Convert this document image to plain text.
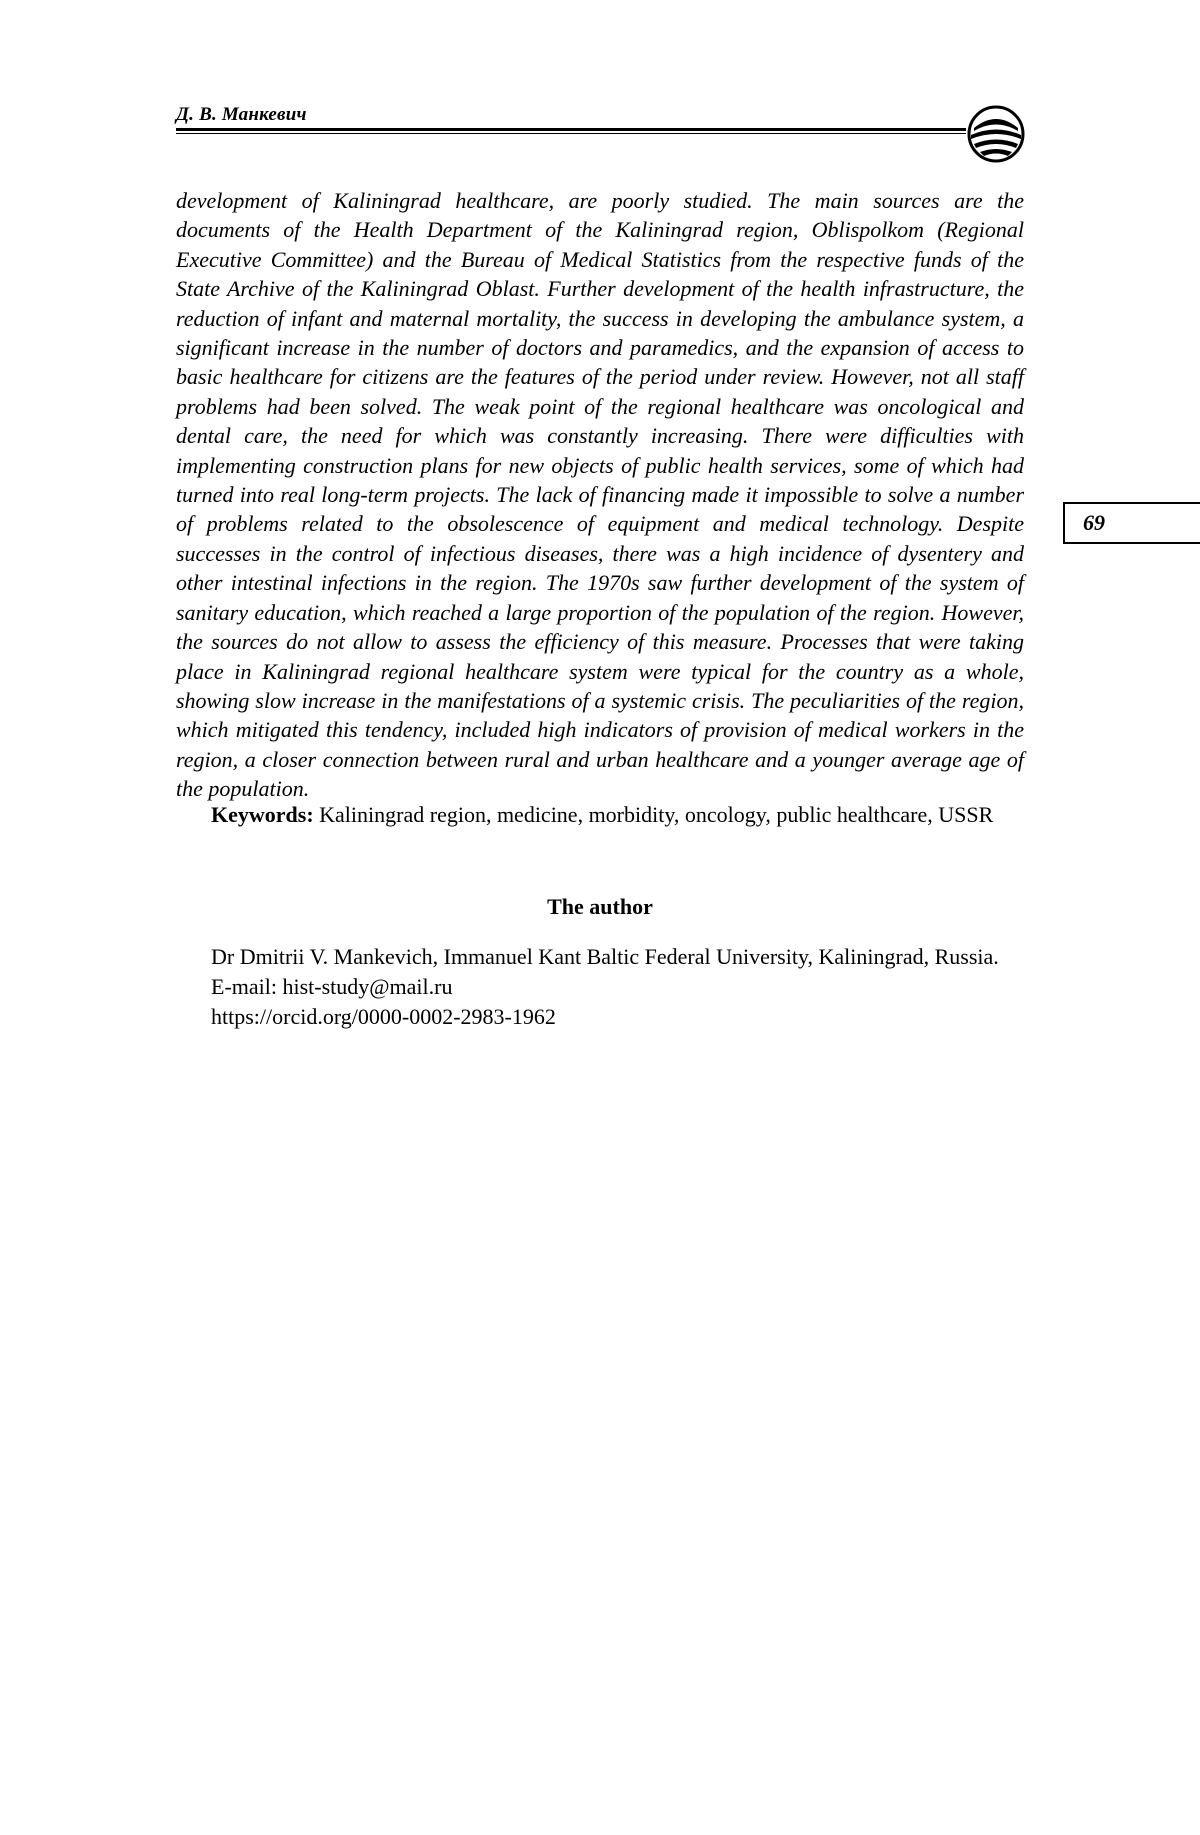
Д. В. Манкевич

development of Kaliningrad healthcare, are poorly studied. The main sources are the documents of the Health Department of the Kaliningrad region, Oblispolkom (Regional Executive Committee) and the Bureau of Medical Statistics from the respective funds of the State Archive of the Kaliningrad Oblast. Further development of the health infrastructure, the reduction of infant and maternal mortality, the success in developing the ambulance system, a significant increase in the number of doctors and paramedics, and the expansion of access to basic healthcare for citizens are the features of the period under review. However, not all staff problems had been solved. The weak point of the regional healthcare was oncological and dental care, the need for which was constantly increasing. There were difficulties with implementing construction plans for new objects of public health services, some of which had turned into real long-term projects. The lack of financing made it impossible to solve a number of problems related to the obsolescence of equipment and medical technology. Despite successes in the control of infectious diseases, there was a high incidence of dysentery and other intestinal infections in the region. The 1970s saw further development of the system of sanitary education, which reached a large proportion of the population of the region. However, the sources do not allow to assess the efficiency of this measure. Processes that were taking place in Kaliningrad regional healthcare system were typical for the country as a whole, showing slow increase in the manifestations of a systemic crisis. The peculiarities of the region, which mitigated this tendency, included high indicators of provision of medical workers in the region, a closer connection between rural and urban healthcare and a younger average age of the population.

69

Keywords: Kaliningrad region, medicine, morbidity, oncology, public healthcare, USSR

The author

Dr Dmitrii V. Mankevich, Immanuel Kant Baltic Federal University, Kaliningrad, Russia.
E-mail: hist-study@mail.ru
https://orcid.org/0000-0002-2983-1962
